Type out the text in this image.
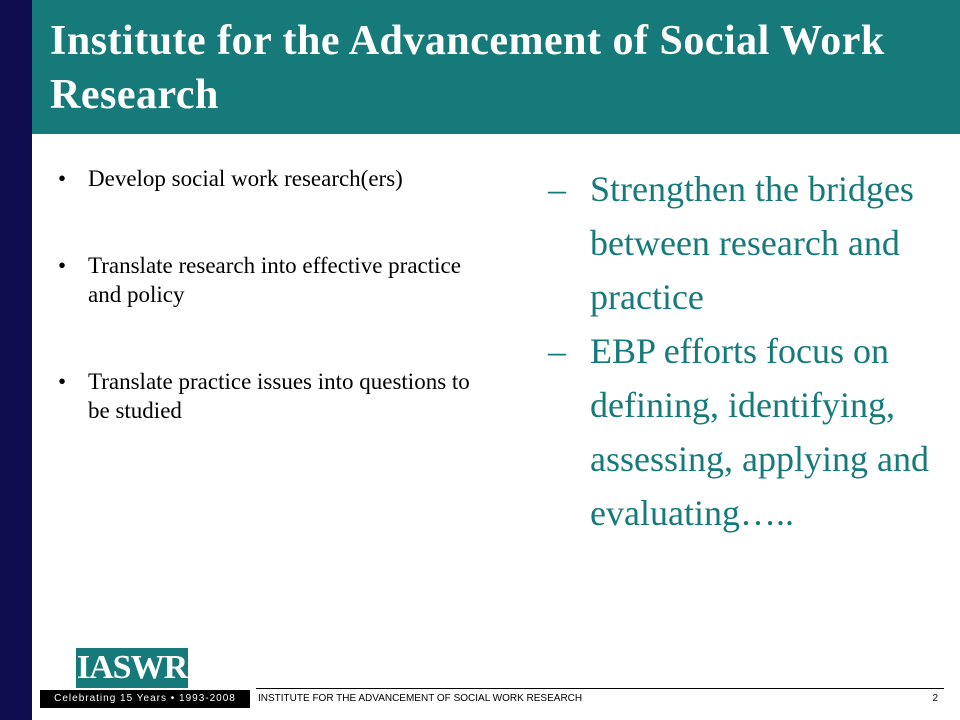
Institute for the Advancement of Social Work Research
• Develop social work research(ers)
• Translate research into effective practice and policy
• Translate practice issues into questions to be studied
– Strengthen the bridges between research and practice
– EBP efforts focus on defining, identifying, assessing, applying and evaluating…..
IASWR
Celebrating 15 Years • 1993-2008	INSTITUTE FOR THE ADVANCEMENT OF SOCIAL WORK RESEARCH	2
